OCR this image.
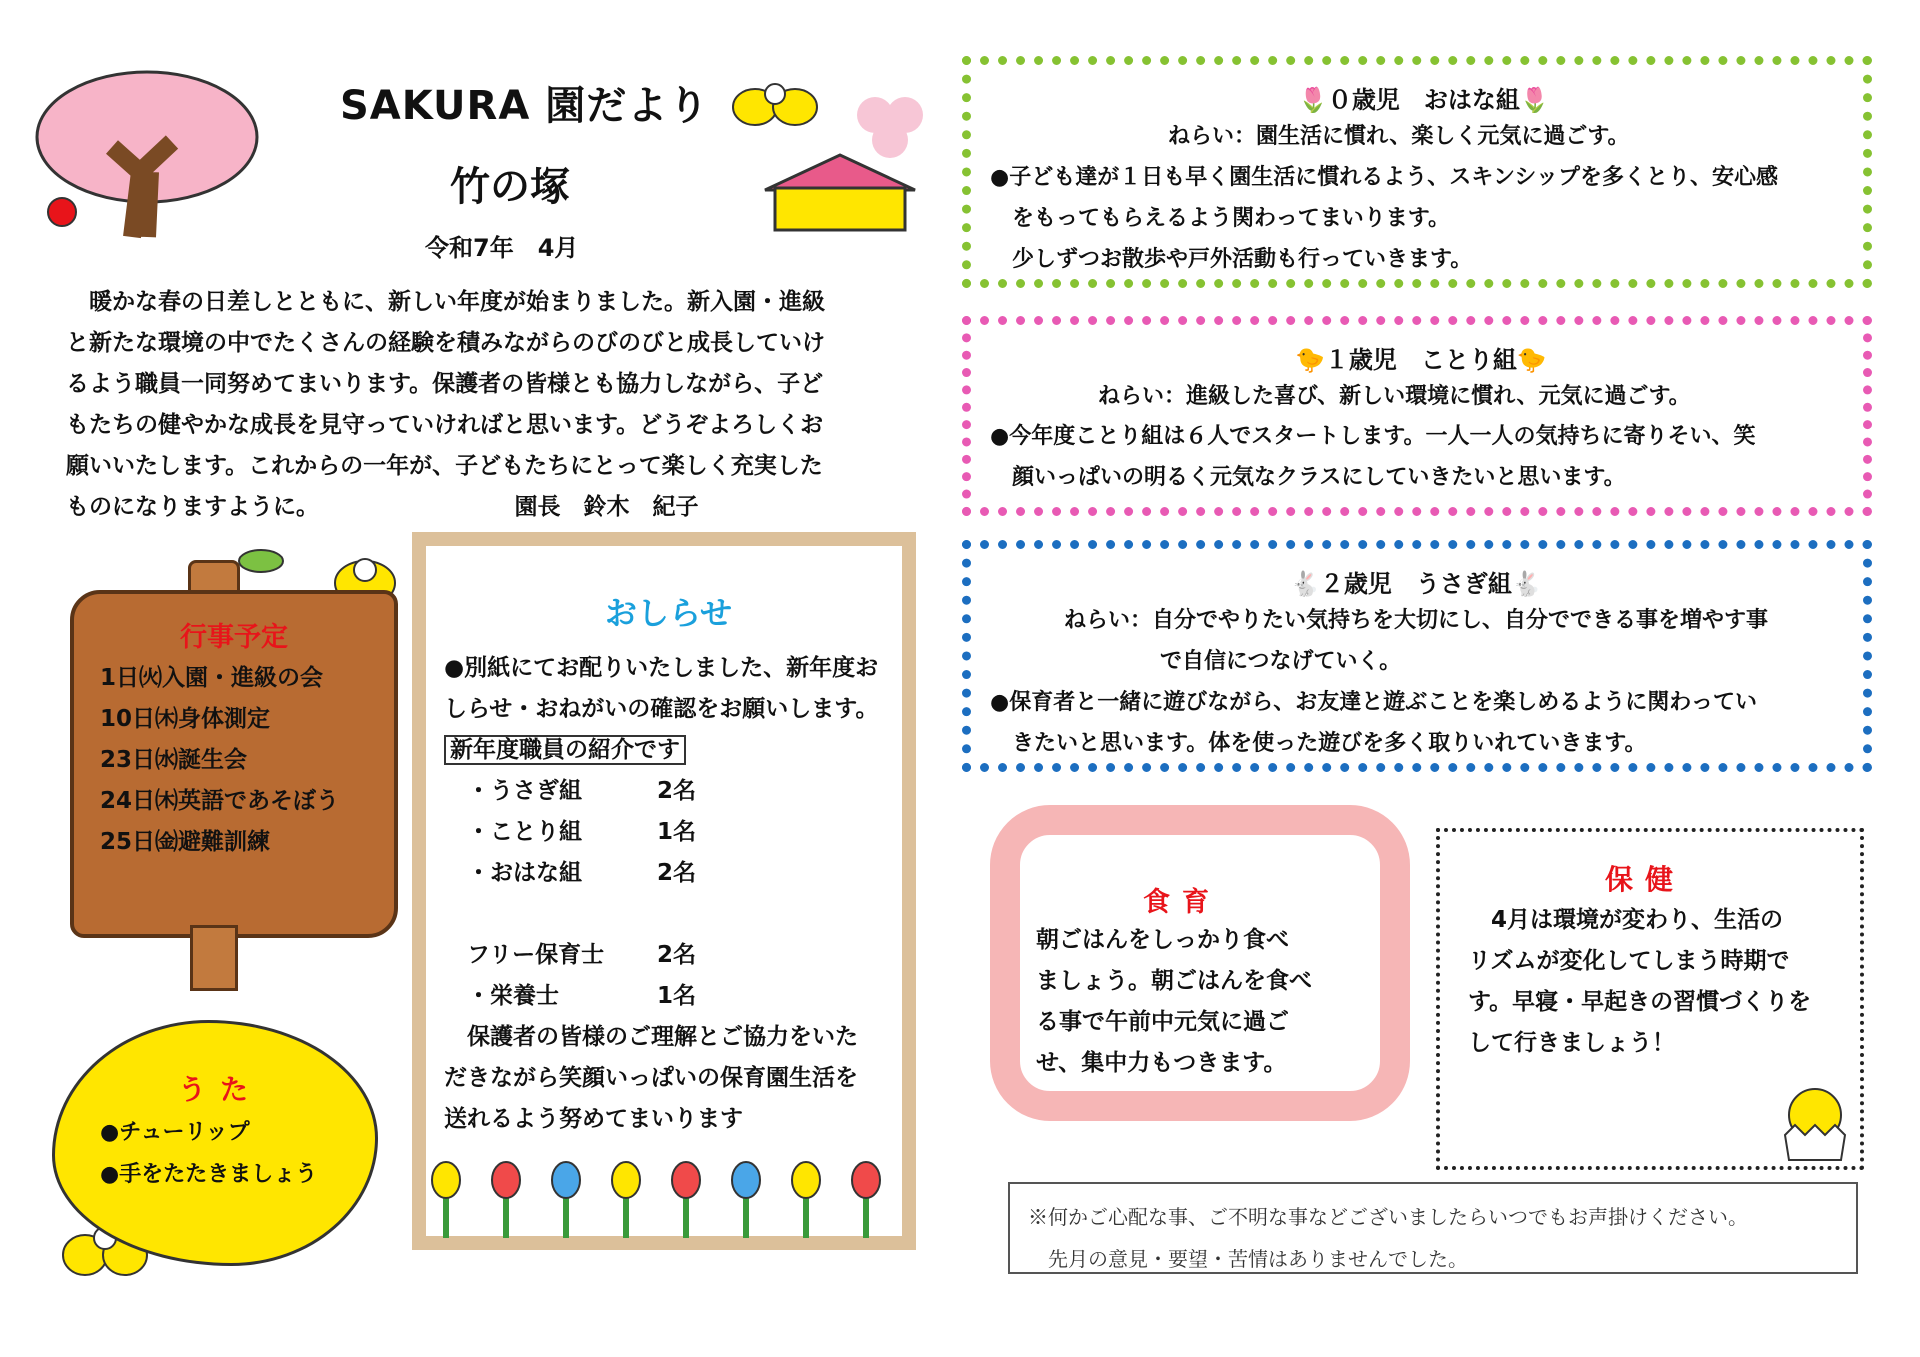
SAKURA 園だより
竹の塚
令和7年　4月
　暖かな春の日差しとともに、新しい年度が始まりました。新入園・進級
と新たな環境の中でたくさんの経験を積みながらのびのびと成長していけ
るよう職員一同努めてまいります。保護者の皆様とも協力しながら、子ど
もたちの健やかな成長を見守っていければと思います。どうぞよろしくお
願いいたします。これからの一年が、子どもたちにとって楽しく充実した
ものになりますように。　　　　　　　　　園長　鈴木　紀子
行事予定
1日㈫入園・進級の会
10日㈭身体測定
23日㈬誕生会
24日㈭英語であそぼう
25日㈮避難訓練
うた
●チューリップ
●手をたたきましょう
おしらせ
●別紙にてお配りいたしました、新年度お
しらせ・おねがいの確認をお願いします。
新年度職員の紹介です
　・うさぎ組	2名
　・ことり組	1名
　・おはな組	2名

　フリー保育士 2名
　・栄養士	1名
　保護者の皆様のご理解とご協力をいた
だきながら笑顔いっぱいの保育園生活を
送れるよう努めてまいります
🌷０歳児　おはな組🌷
ねらい：園生活に慣れ、楽しく元気に過ごす。
●子ども達が１日も早く園生活に慣れるよう、スキンシップを多くとり、安心感
　をもってもらえるよう関わってまいります。
　少しずつお散歩や戸外活動も行っていきます。
🐤１歳児　ことり組🐤
ねらい：進級した喜び、新しい環境に慣れ、元気に過ごす。
●今年度ことり組は６人でスタートします。一人一人の気持ちに寄りそい、笑
　顔いっぱいの明るく元気なクラスにしていきたいと思います。
🐇２歳児　うさぎ組🐇
ねらい：自分でやりたい気持ちを大切にし、自分でできる事を増やす事
で自信につなげていく。
●保育者と一緒に遊びながら、お友達と遊ぶことを楽しめるように関わってい
　きたいと思います。体を使った遊びを多く取りいれていきます。
食育
朝ごはんをしっかり食べ
ましょう。朝ごはんを食べ
る事で午前中元気に過ご
せ、集中力もつきます。
保健
　4月は環境が変わり、生活の
リズムが変化してしまう時期で
す。早寝・早起きの習慣づくりを
して行きましょう！
※何かご心配な事、ご不明な事などございましたらいつでもお声掛けください。
　先月の意見・要望・苦情はありませんでした。
